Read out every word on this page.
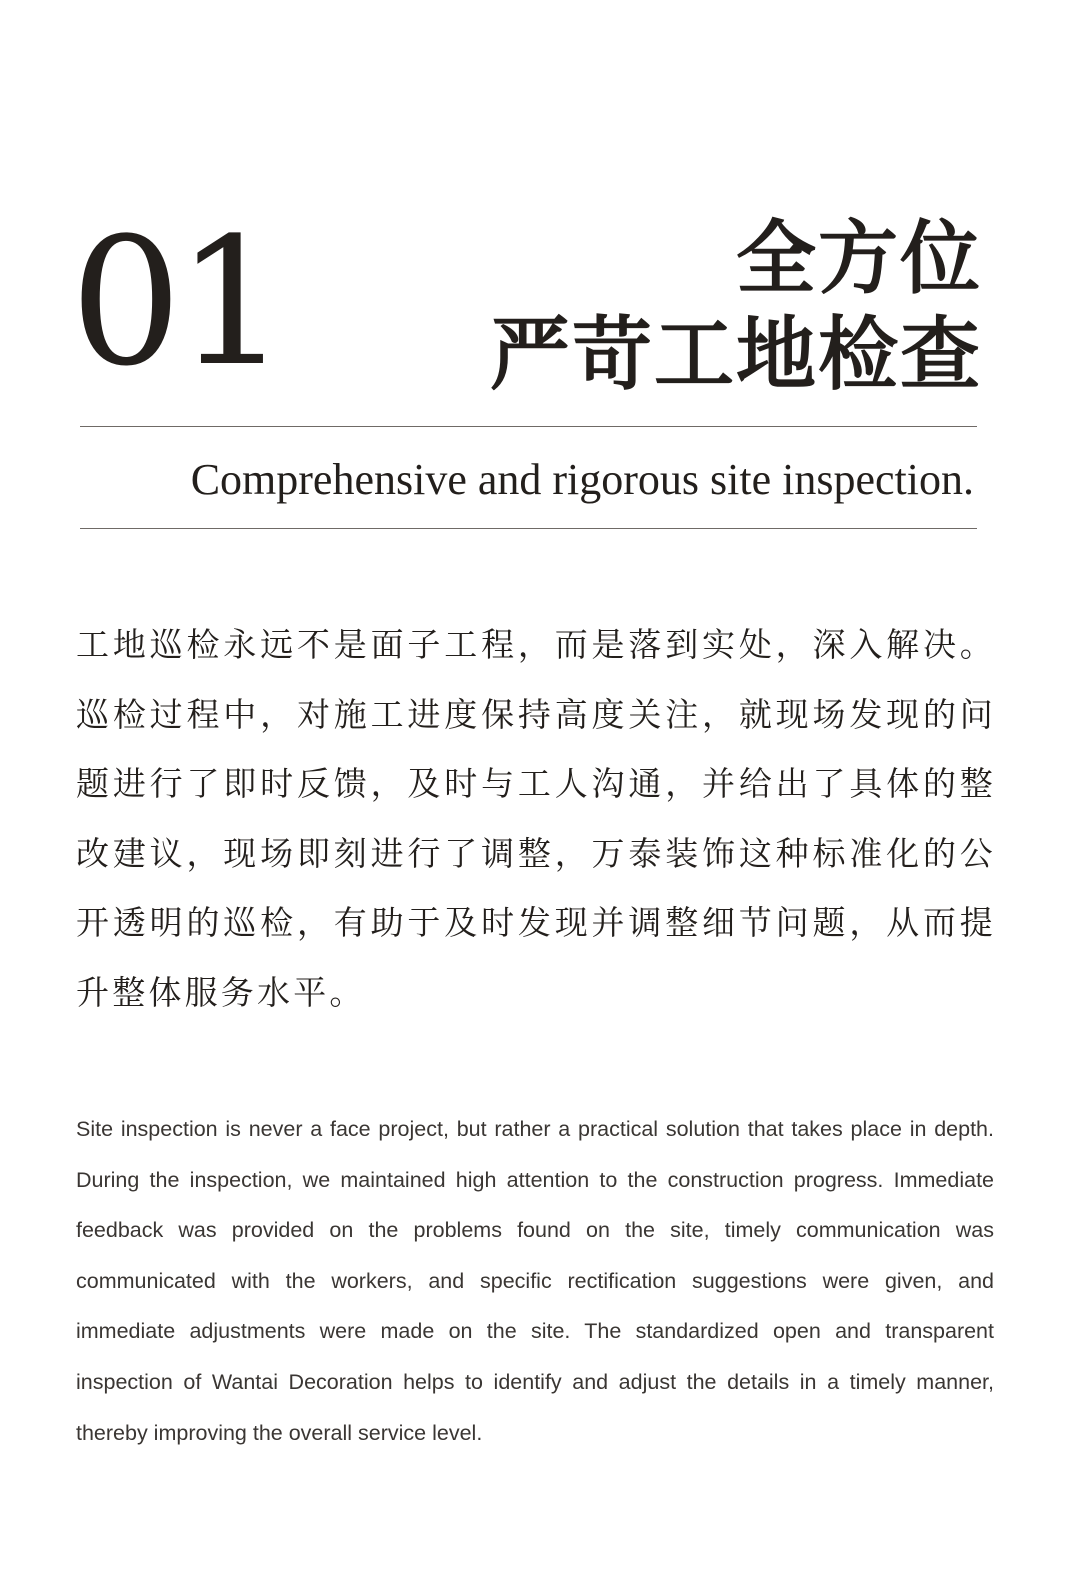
01	全方位
严苛工地检查
Comprehensive and rigorous site inspection.

工地巡检永远不是面子工程，而是落到实处，深入解决。巡检过程中，对施工进度保持高度关注，就现场发现的问题进行了即时反馈，及时与工人沟通，并给出了具体的整改建议，现场即刻进行了调整，万泰装饰这种标准化的公开透明的巡检，有助于及时发现并调整细节问题，从而提升整体服务水平。

Site inspection is never a face project, but rather a practical solution that takes place in depth. During the inspection, we maintained high attention to the construction progress. Immediate feedback was provided on the problems found on the site, timely communication was communicated with the workers, and specific rectification suggestions were given, and immediate adjustments were made on the site. The standardized open and transparent inspection of Wantai Decoration helps to identify and adjust the details in a timely manner, thereby improving the overall service level.
